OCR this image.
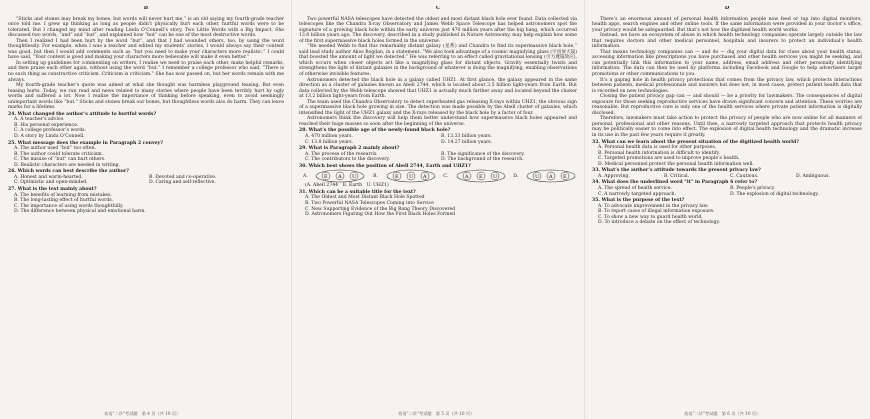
B

“Sticks and stones may break my bones, but words will never hurt me,” is an old saying my fourth-grade teacher once told me. I grew up thinking as long as people didn’t physically hurt each other, hurtful words were to be tolerated. But I changed my mind after reading Linda O’Connell’s story, Two Little Words with a Big Impact. She discussed two words, “and” and “but”, and explained how “but” can be one of the most destructive words.

Then I realized I had been hurt by the word “but”, and that I had wounded others, too, by using the word thoughtlessly. For example, when I was a teacher and edited my students’ stories, I would always say their content was good, but then I would add comments such as “but you need to make your characters more realistic.” I could have said, “Your content is good and making your characters more believable will make it even better.”

In setting up guidelines for commenting on writers, I realize we need to praise each other, make helpful remarks, and then praise each other again, without using the word “but.” I remember a college professor who said, “There is no such thing as constructive criticism. Criticism is criticism.” She has now passed on, but her words remain with me always.

My fourth-grade teacher’s quote was aimed at what she thought was harmless playground teasing. But even teasing hurts. Today, we run read and news related to many stories where people have been terribly hurt by ugly words and suffered a lot. Now I realize the importance of thinking before speaking, even to avoid seemingly unimportant words like “but.” Sticks and stones break our bones, but thoughtless words also do harm. They can leave marks for a lifetime.

24. What changed the author’s attitude to hurtful words?
A. A teacher’s advice.
B. His personal experience.
C. A college professor’s words.
D. A story by Linda O’Connell.
25. What message does the example in Paragraph 2 convey?
A. The author used “but” too often.
B. The author could tolerate criticism.
C. The misuse of “but” can hurt others.
D. Realistic characters are needed in writing.
26. Which words can best describe the author?
A. Honest and warm-hearted.	B. Devoted and co-operative.
C. Optimistic and open-minded.	D. Caring and self-reflective.
27. What is the text mainly about?
A. The benefits of learning from mistakes.
B. The long-lasting effect of hurtful words.
C. The importance of using words thoughtfully.
D. The difference between physical and emotional harm.
C

Two powerful NASA telescopes have detected the oldest and most distant black hole ever found. Data collected via telescopes like the Chandra X-ray Observatory and James Webb Space Telescope has helped astronomers spot the signature of a growing black hole within the early universe just 470 million years after the big bang, which occurred 13.8 billion years ago. The discovery, described in a study published in Nature Astronomy, may help explain how some of the first supermassive black holes formed in the universe.

“We needed Webb to find this remarkably distant galaxy (星系) and Chandra to find its supermassive black hole,” said lead study author Akos Bogdan, in a statement. “We also took advantage of a cosmic magnifying glass (宇宙放大镜) that boosted the amount of light we detected.” He was referring to an effect called gravitational lensing (引力透镜效应), which occurs when closer objects act like a magnifying glass for distant objects. Gravity essentially twists and strengthens the light of distant galaxies in the background of whatever is doing the magnifying, enabling observations of otherwise invisible features.

Astronomers detected the black hole in a galaxy called UHZ1. At first glance, the galaxy appeared in the same direction as a cluster of galaxies known as Abell 2744, which is located about 3.5 billion light-years from Earth. But data collected by the Webb telescope showed that UHZ1 is actually much farther away and located beyond the cluster at 13.2 billion light-years from Earth.

The team used the Chandra Observatory to detect superheated gas releasing X-rays within UHZ1, the obvious sign of a supermassive black hole growing in size. The detection was made possible by the Abell cluster of galaxies, which intensified the light of the UHZ1 galaxy and the X-rays released by the black hole by a factor of four.

Astronomers think the discovery will help them better understand how supermassive black holes appeared and reached their huge masses so soon after the beginning of the universe.

28. What’s the possible age of the newly-found black hole?
A. 470 million years.	B. 13.33 billion years.
C. 13.8 billion years.	D. 14.27 billion years.
29. What is Paragraph 2 mainly about?
A. The process of the research.	B. The significance of the discovery.
C. The contributors to the discovery.	D. The background of the research.
30. Which best shows the position of Abell 2744, Earth and UHZ1?
A.	E A U	B.	E U A	C.	A E U	D.	U A E
(A. Abell 2744　E. Earth　U. UHZ1)
31. Which can be a suitable title for the text?
A. The Oldest and Most Distant Black Hole Spotted
B. Two Powerful NASA Telescopes Coming into Service
C. New Supporting Evidence of the Big Bang Theory Discovered
D. Astronomers Figuring Out How the First Black Holes Formed
D

There’s an enormous amount of personal health information people now feed or tap into digital monitors, health apps, search engines and other online tools. If the same information were provided in your doctor’s office, your privacy would be safeguarded. But that’s not how the digitized health world works.

Instead, we have an ecosystem of abuse in which health technology companies operate largely outside the law that requires doctors and other medical personnel, hospitals and insurers to protect an individual’s health information.

That means technology companies can — and do — dig your digital data for clues about your health status, accessing information like prescriptions you have purchased and other health services you might be seeking, and can potentially link this information to your name, address, email address and other personally identifying information. The data can then be used by platforms including Facebook and Google to help advertisers target promotions or other communications to you.

It’s a gaping hole in health privacy protections that comes from the privacy law, which protects interactions between patients, medical professionals and insurers but does not, in most cases, protect patient health data that is recorded on new technologies.

Closing the patient privacy gap can — and should — be a priority for lawmakers. The consequences of digital exposure for those seeking reproductive services have drawn significant concern and attention. These worries are reasonable. But reproductive care is only one of the health services where private patient information is digitally disclosed.

Therefore, lawmakers must take action to protect the privacy of people who are now online for all manners of personal, professional and other reasons. Until then, a narrowly targeted approach that protects health privacy may be politically easier to come into effect. The explosion of digital health technology and the dramatic increase in its use in the past few years require it greatly.

32. What can we learn about the present situation of the digitized health world?
A. Personal health data is used for other purposes.
B. Personal health information is difficult to identify.
C. Targeted promotions are used to improve people’s health.
D. Medical personnel protect the personal health information well.
33. What’s the author’s attitude towards the present privacy law?
A. Approving.	B. Critical.	C. Cautious.	D. Ambiguous.
34. What does the underlined word “it” in Paragraph 6 refer to?
A. The spread of health service.	B. People’s privacy.
C. A narrowly targeted approach.	D. The explosion of digital technology.
35. What is the purpose of the text?
A. To advocate improvement in the privacy law.
B. To report cases of illegal information exposure.
C. To show a new way to guard health world.
D. To introduce a debate on the effect of technology.
英语“二诊”考试题　第 4 页（共 10 页）	英语“二诊”考试题　第 5 页（共 10 页）	英语“二诊”考试题　第 6 页（共 10 页）
